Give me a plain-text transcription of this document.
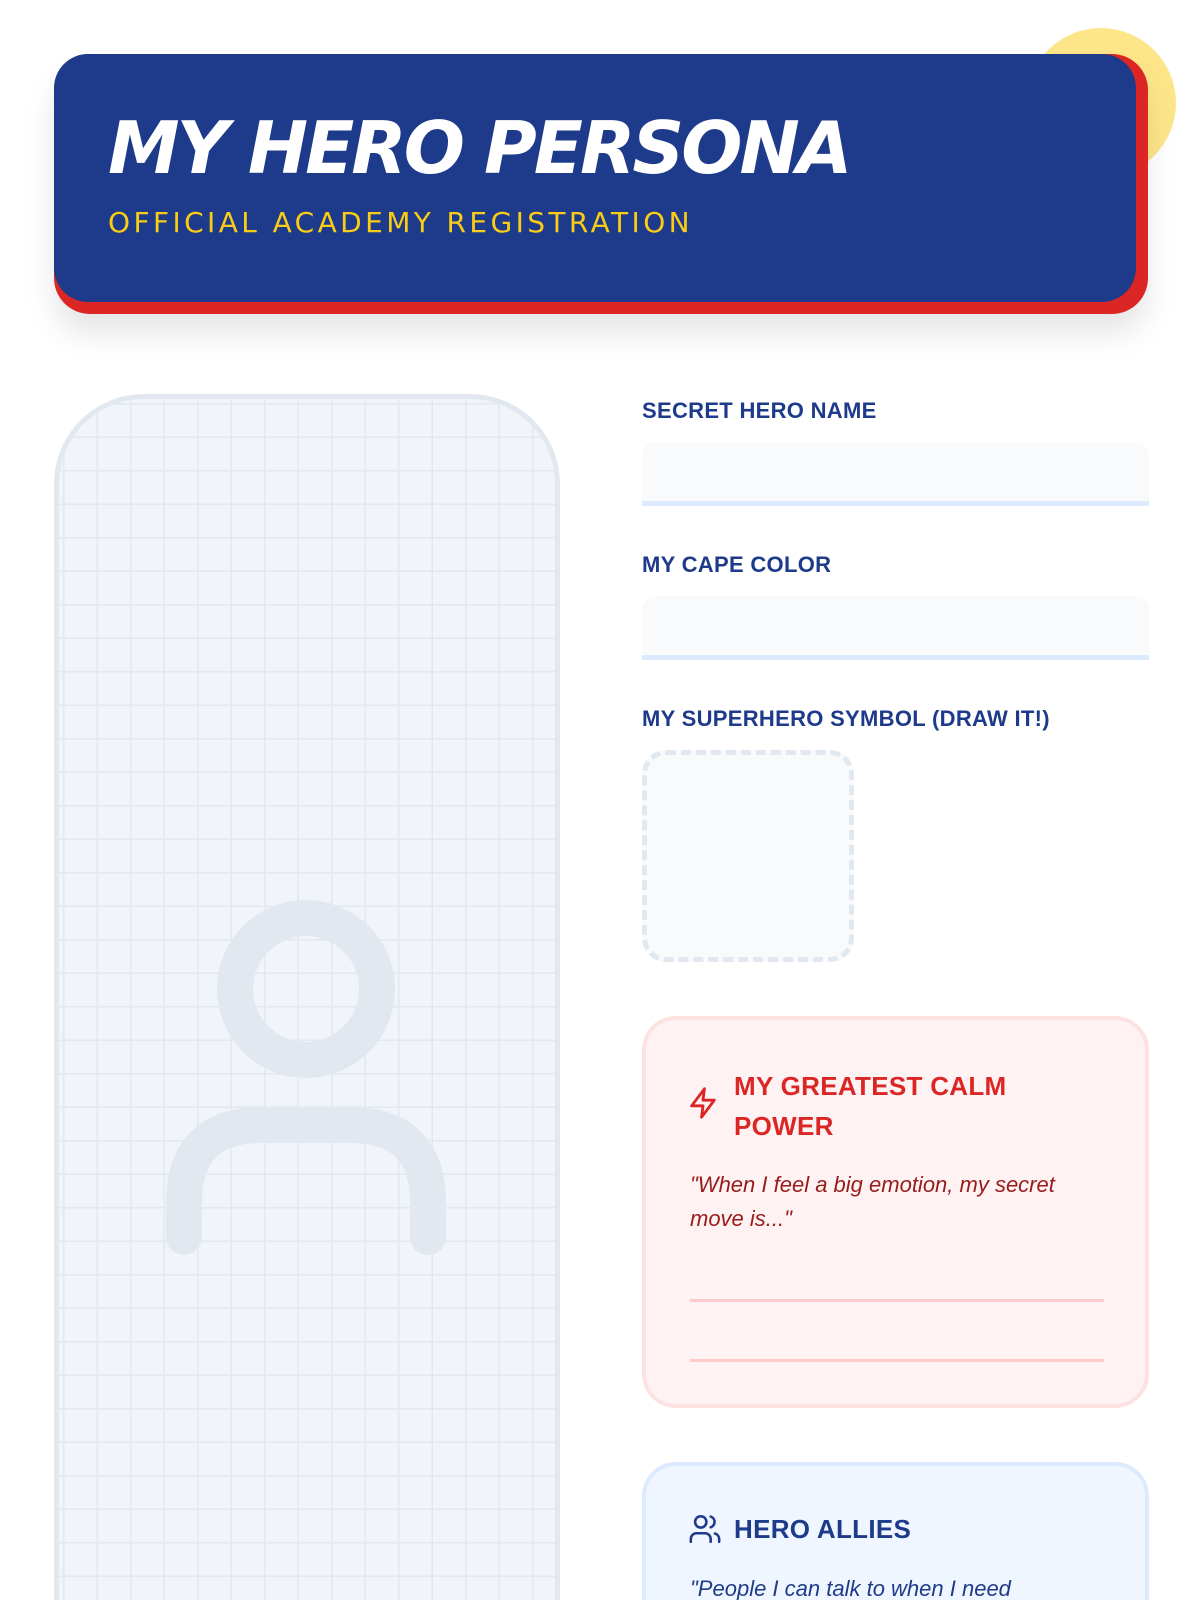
MY HERO PERSONA
OFFICIAL ACADEMY REGISTRATION
SECRET HERO NAME
MY CAPE COLOR
MY SUPERHERO SYMBOL (DRAW IT!)
MY GREATEST CALM POWER

"When I feel a big emotion, my secret move is..."

HERO ALLIES

"People I can talk to when I need
